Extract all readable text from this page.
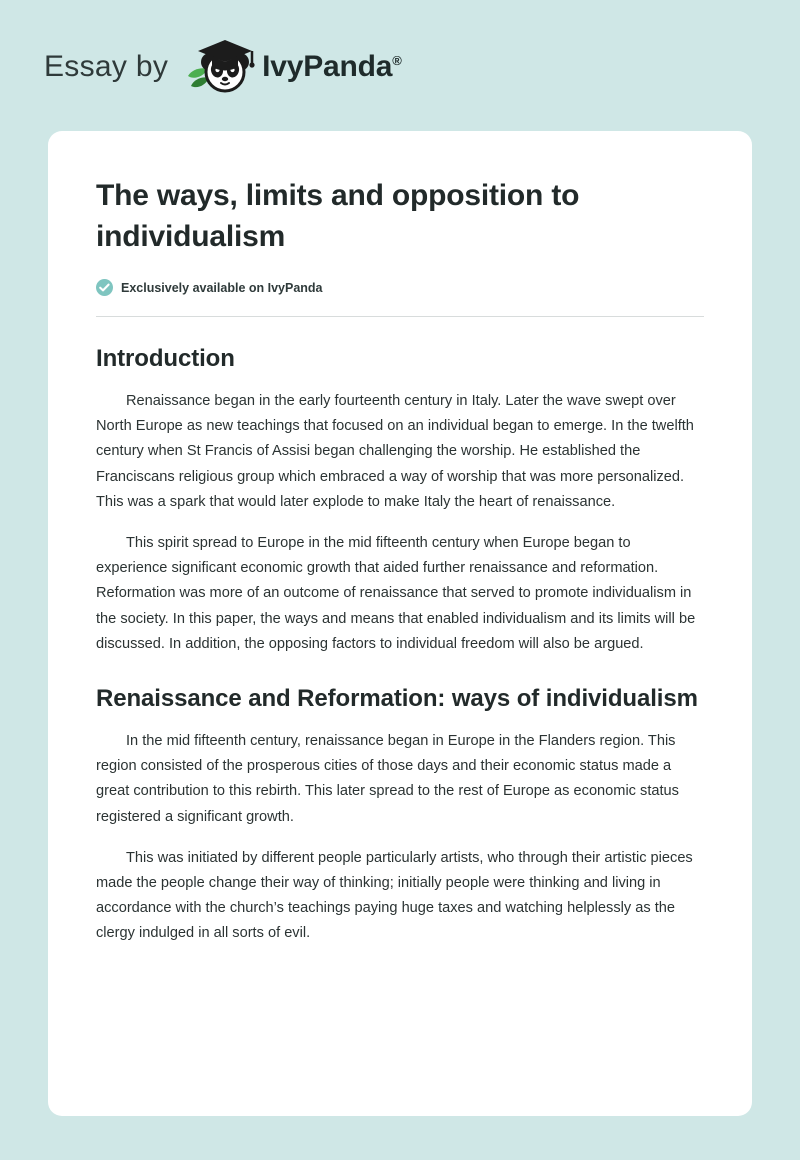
Essay by	IvyPanda®
The ways, limits and opposition to individualism
Exclusively available on IvyPanda
Introduction

Renaissance began in the early fourteenth century in Italy. Later the wave swept over North Europe as new teachings that focused on an individual began to emerge. In the twelfth century when St Francis of Assisi began challenging the worship. He established the Franciscans religious group which embraced a way of worship that was more personalized. This was a spark that would later explode to make Italy the heart of renaissance.

This spirit spread to Europe in the mid fifteenth century when Europe began to experience significant economic growth that aided further renaissance and reformation. Reformation was more of an outcome of renaissance that served to promote individualism in the society. In this paper, the ways and means that enabled individualism and its limits will be discussed. In addition, the opposing factors to individual freedom will also be argued.

Renaissance and Reformation: ways of individualism

In the mid fifteenth century, renaissance began in Europe in the Flanders region. This region consisted of the prosperous cities of those days and their economic status made a great contribution to this rebirth. This later spread to the rest of Europe as economic status registered a significant growth.

This was initiated by different people particularly artists, who through their artistic pieces made the people change their way of thinking; initially people were thinking and living in accordance with the church’s teachings paying huge taxes and watching helplessly as the clergy indulged in all sorts of evil.
